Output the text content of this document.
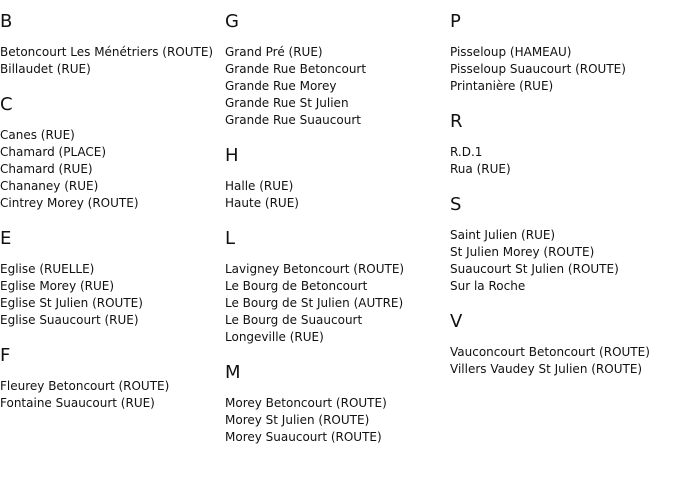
B
Betoncourt Les Ménétriers (ROUTE)
Billaudet (RUE)
C
Canes (RUE)
Chamard (PLACE)
Chamard (RUE)
Chananey (RUE)
Cintrey Morey (ROUTE)
E
Eglise (RUELLE)
Eglise Morey (RUE)
Eglise St Julien (ROUTE)
Eglise Suaucourt (RUE)
F
Fleurey Betoncourt (ROUTE)
Fontaine Suaucourt (RUE)
G
Grand Pré (RUE)
Grande Rue Betoncourt
Grande Rue Morey
Grande Rue St Julien
Grande Rue Suaucourt
H
Halle (RUE)
Haute (RUE)
L
Lavigney Betoncourt (ROUTE)
Le Bourg de Betoncourt
Le Bourg de St Julien (AUTRE)
Le Bourg de Suaucourt
Longeville (RUE)
M
Morey Betoncourt (ROUTE)
Morey St Julien (ROUTE)
Morey Suaucourt (ROUTE)
P
Pisseloup (HAMEAU)
Pisseloup Suaucourt (ROUTE)
Printanière (RUE)
R
R.D.1
Rua (RUE)
S
Saint Julien (RUE)
St Julien Morey (ROUTE)
Suaucourt St Julien (ROUTE)
Sur la Roche
V
Vauconcourt Betoncourt (ROUTE)
Villers Vaudey St Julien (ROUTE)
